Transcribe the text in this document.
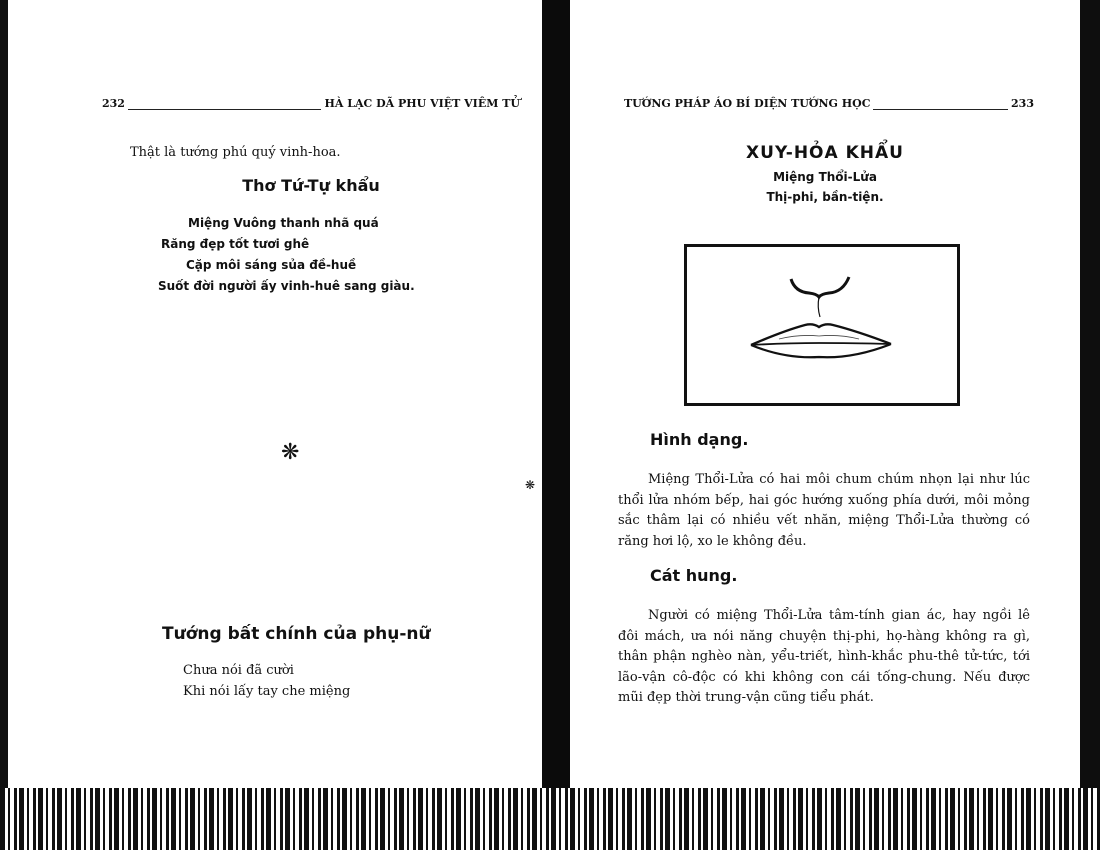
232	HÀ LẠC DÃ PHU VIỆT VIÊM TỬ
Thật là tướng phú quý vinh-hoa.
Thơ Tứ-Tự khẩu
Miệng Vuông thanh nhã quá
Răng đẹp tốt tươi ghê
Cặp môi sáng sủa đề-huề
Suốt đời người ấy vinh-huê sang giàu.
❋
❋
Tướng bất chính của phụ-nữ
Chưa nói đã cười
Khi nói lấy tay che miệng
TƯỚNG PHÁP ÁO BÍ DIỆN TƯỚNG HỌC	233
XUY-HỎA KHẨU
Miệng Thổi-Lửa
Thị-phi, bần-tiện.
Hình dạng.
Miệng Thổi-Lửa có hai môi chum chúm nhọn lại như lúc thổi lửa nhóm bếp, hai góc hướng xuống phía dưới, môi mỏng sắc thâm lại có nhiều vết nhăn, miệng Thổi-Lửa thường có răng hơi lộ, xo le không đều.
Cát hung.
Người có miệng Thổi-Lửa tâm-tính gian ác, hay ngồi lê đôi mách, ưa nói năng chuyện thị-phi, họ-hàng không ra gì, thân phận nghèo nàn, yểu-triết, hình-khắc phu-thê tử-tức, tới lão-vận cô-độc có khi không con cái tống-chung. Nếu được mũi đẹp thời trung-vận cũng tiểu phát.
